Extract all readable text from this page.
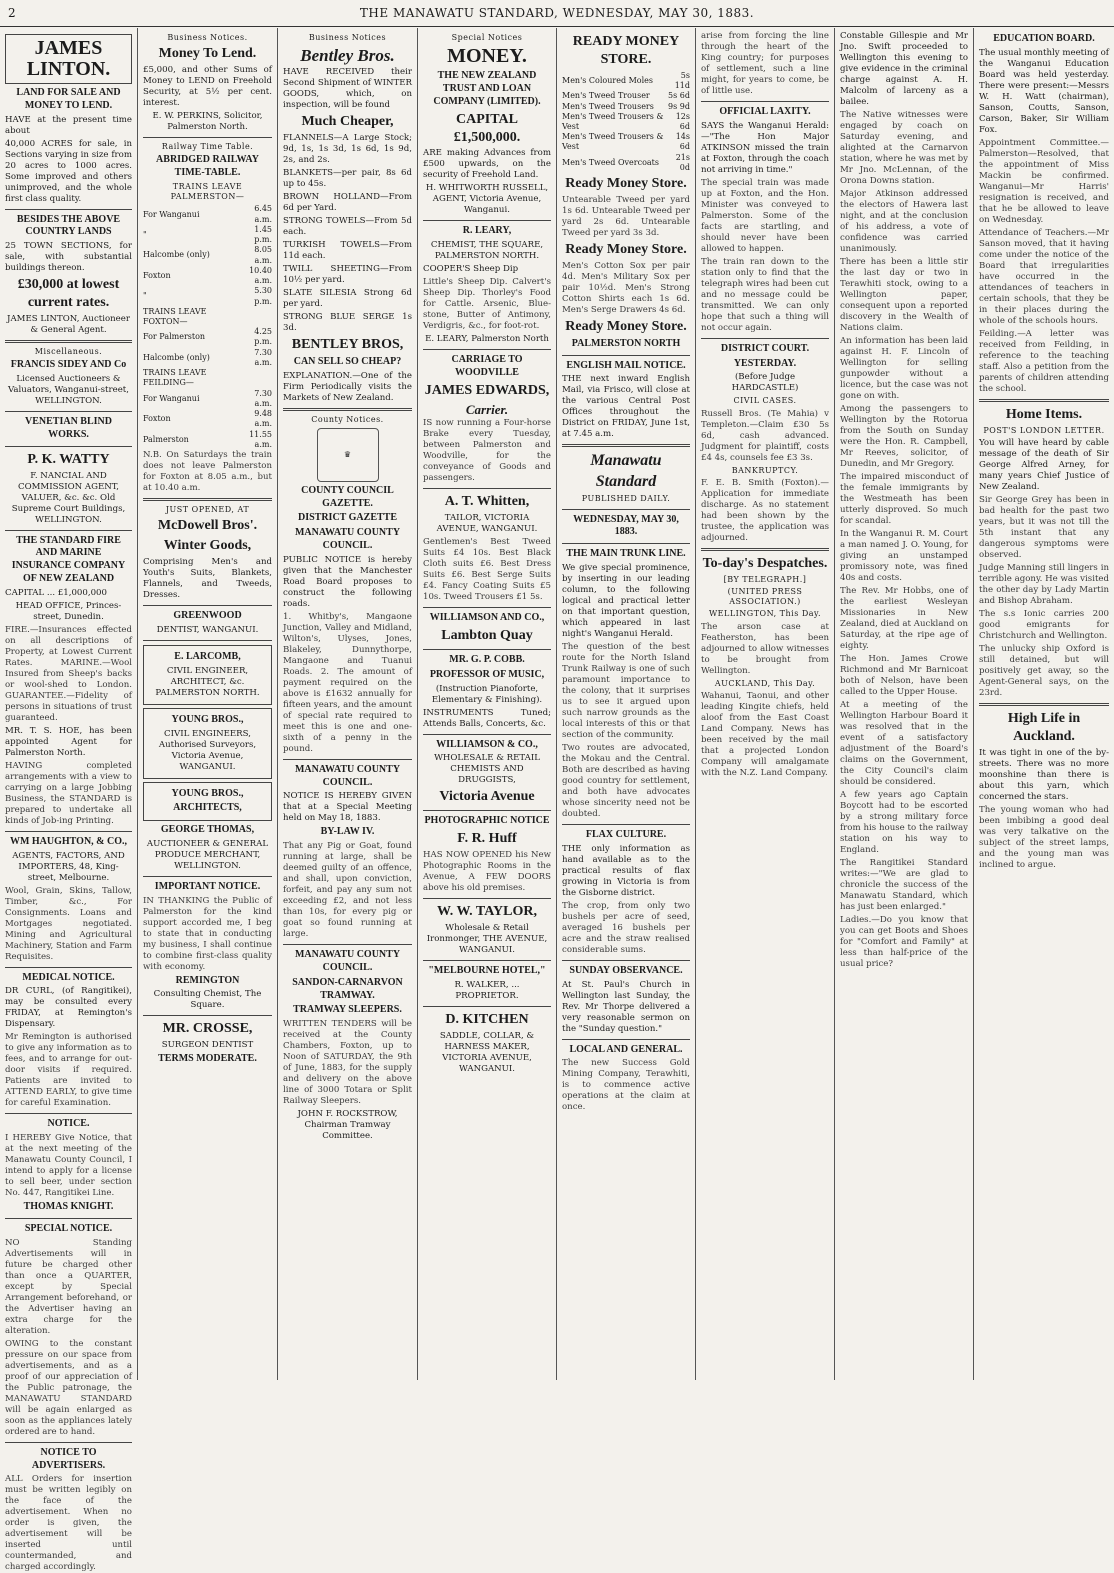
2	THE MANAWATU STANDARD, WEDNESDAY, MAY 30, 1883.
JAMES LINTON.
LAND FOR SALE AND MONEY TO LEND.

HAVE at the present time about

40,000 ACRES for sale, in Sections varying in size from 20 acres to 1000 acres. Some improved and others unimproved, and the whole first class quality.

BESIDES THE ABOVE COUNTRY LANDS

25 TOWN SECTIONS, for sale, with substantial buildings thereon.

£30,000 at lowest current rates.

JAMES LINTON, Auctioneer & General Agent.

Miscellaneous.
FRANCIS SIDEY AND Co

Licensed Auctioneers & Valuators, Wanganui-street, WELLINGTON.

VENETIAN BLIND WORKS.
P. K. WATTY

F. NANCIAL AND COMMISSION AGENT, VALUER, &c. &c. Old Supreme Court Buildings, WELLINGTON.

THE STANDARD FIRE AND MARINE INSURANCE COMPANY OF NEW ZEALAND

CAPITAL ... £1,000,000

HEAD OFFICE, Princes-street, Dunedin.

FIRE.—Insurances effected on all descriptions of Property, at Lowest Current Rates. MARINE.—Wool Insured from Sheep's backs or wool-shed to London. GUARANTEE.—Fidelity of persons in situations of trust guaranteed.

MR. T. S. HOE, has been appointed Agent for Palmerston North.

HAVING completed arrangements with a view to carrying on a large Jobbing Business, the STANDARD is prepared to undertake all kinds of Job-ing Printing.

WM HAUGHTON, & CO.,

AGENTS, FACTORS, AND IMPORTERS, 48, King-street, Melbourne.

Wool, Grain, Skins, Tallow, Timber, &c., For Consignments. Loans and Mortgages negotiated. Mining and Agricultural Machinery, Station and Farm Requisites.

MEDICAL NOTICE.

DR CURL, (of Rangitikei), may be consulted every FRIDAY, at Remington's Dispensary.

Mr Remington is authorised to give any information as to fees, and to arrange for out-door visits if required. Patients are invited to ATTEND EARLY, to give time for careful Examination.

NOTICE.

I HEREBY Give Notice, that at the next meeting of the Manawatu County Council, I intend to apply for a license to sell beer, under section No. 447, Rangitikei Line.

THOMAS KNIGHT.
SPECIAL NOTICE.

NO Standing Advertisements will in future be charged other than once a QUARTER, except by Special Arrangement beforehand, or the Advertiser having an extra charge for the alteration.

OWING to the constant pressure on our space from advertisements, and as a proof of our appreciation of the Public patronage, the MANAWATU STANDARD will be again enlarged as soon as the appliances lately ordered are to hand.

NOTICE TO ADVERTISERS.

ALL Orders for insertion must be written legibly on the face of the advertisement. When no order is given, the advertisement will be inserted until countermanded, and charged accordingly.

Business Notices.
Money To Lend.

£5,000, and other Sums of Money to LEND on Freehold Security, at 5½ per cent. interest.

E. W. PERKINS, Solicitor, Palmerston North.

Railway Time Table.
ABRIDGED RAILWAY TIME-TABLE.
TRAINS LEAVE PALMERSTON—
For Wanganui	6.45 a.m.
"	1.45 p.m.
Halcombe (only)	8.05 a.m.
Foxton	10.40 a.m.
"	5.30 p.m.
TRAINS LEAVE FOXTON—	
For Palmerston	4.25 p.m.
Halcombe (only)	7.30 a.m.
TRAINS LEAVE FEILDING—	
For Wanganui	7.30 a.m.
Foxton	9.48 a.m.
Palmerston	11.55 a.m.

N.B. On Saturdays the train does not leave Palmerston for Foxton at 8.05 a.m., but at 10.40 a.m.

JUST OPENED, AT
McDowell Bros'.
Winter Goods,

Comprising Men's and Youth's Suits, Blankets, Flannels, and Tweeds, Dresses.

GREENWOOD

DENTIST, WANGANUI.

E. LARCOMB,

CIVIL ENGINEER, ARCHITECT, &c. PALMERSTON NORTH.

YOUNG BROS.,

CIVIL ENGINEERS, Authorised Surveyors, Victoria Avenue, WANGANUI.

YOUNG BROS.,
ARCHITECTS,
GEORGE THOMAS,

AUCTIONEER & GENERAL PRODUCE MERCHANT, WELLINGTON.

IMPORTANT NOTICE.

IN THANKING the Public of Palmerston for the kind support accorded me, I beg to state that in conducting my business, I shall continue to combine first-class quality with economy.

REMINGTON

Consulting Chemist, The Square.

MR. CROSSE,

SURGEON DENTIST

TERMS MODERATE.
Business Notices
Bentley Bros.

HAVE RECEIVED their Second Shipment of WINTER GOODS, which, on inspection, will be found

Much Cheaper,

FLANNELS—A Large Stock; 9d, 1s, 1s 3d, 1s 6d, 1s 9d, 2s, and 2s.

BLANKETS—per pair, 8s 6d up to 45s.

BROWN HOLLAND—From 6d per Yard.

STRONG TOWELS—From 5d each.

TURKISH TOWELS—From 11d each.

TWILL SHEETING—From 10½ per yard.

SLATE SILESIA Strong 6d per yard.

STRONG BLUE SERGE 1s 3d.

BENTLEY BROS,
CAN SELL SO CHEAP?

EXPLANATION.—One of the Firm Periodically visits the Markets of New Zealand.

County Notices.
♛
COUNTY COUNCIL GAZETTE.
DISTRICT GAZETTE
MANAWATU COUNTY COUNCIL.

PUBLIC NOTICE is hereby given that the Manchester Road Board proposes to construct the following roads.

1. Whitby's, Mangaone Junction, Valley and Midland, Wilton's, Ulyses, Jones, Blakeley, Dunnythorpe, Mangaone and Tuanui Roads. 2. The amount of payment required on the above is £1632 annually for fifteen years, and the amount of special rate required to meet this is one and one-sixth of a penny in the pound.

MANAWATU COUNTY COUNCIL.

NOTICE IS HEREBY GIVEN that at a Special Meeting held on May 18, 1883.

BY-LAW IV.

That any Pig or Goat, found running at large, shall be deemed guilty of an offence, and shall, upon conviction, forfeit, and pay any sum not exceeding £2, and not less than 10s, for every pig or goat so found running at large.

MANAWATU COUNTY COUNCIL.
SANDON-CARNARVON TRAMWAY.
TRAMWAY SLEEPERS.

WRITTEN TENDERS will be received at the County Chambers, Foxton, up to Noon of SATURDAY, the 9th of June, 1883, for the supply and delivery on the above line of 3000 Totara or Split Railway Sleepers.

JOHN F. ROCKSTROW, Chairman Tramway Committee.

Special Notices
MONEY.
THE NEW ZEALAND TRUST AND LOAN COMPANY (LIMITED).
CAPITAL £1,500,000.

ARE making Advances from £500 upwards, on the security of Freehold Land.

H. WHITWORTH RUSSELL, AGENT, Victoria Avenue, Wanganui.

R. LEARY,

CHEMIST, THE SQUARE, PALMERSTON NORTH.

COOPER'S Sheep Dip

Little's Sheep Dip. Calvert's Sheep Dip. Thorley's Food for Cattle. Arsenic, Blue-stone, Butter of Antimony, Verdigris, &c., for foot-rot.

E. LEARY, Palmerston North

CARRIAGE TO WOODVILLE
JAMES EDWARDS,
Carrier.

IS now running a Four-horse Brake every Tuesday, between Palmerston and Woodville, for the conveyance of Goods and passengers.

A. T. Whitten,

TAILOR, VICTORIA AVENUE, WANGANUI.

Gentlemen's Best Tweed Suits £4 10s. Best Black Cloth suits £6. Best Dress Suits £6. Best Serge Suits £4. Fancy Coating Suits £5 10s. Tweed Trousers £1 5s.

WILLIAMSON AND CO.,
Lambton Quay
MR. G. P. COBB.
PROFESSOR OF MUSIC,

(Instruction Pianoforte, Elementary & Finishing).

INSTRUMENTS Tuned; Attends Balls, Concerts, &c.

WILLIAMSON & CO.,

WHOLESALE & RETAIL CHEMISTS AND DRUGGISTS,

Victoria Avenue
PHOTOGRAPHIC NOTICE
F. R. Huff

HAS NOW OPENED his New Photographic Rooms in the Avenue, A FEW DOORS above his old premises.

W. W. TAYLOR,

Wholesale & Retail Ironmonger, THE AVENUE, WANGANUI.

"MELBOURNE HOTEL,"

R. WALKER, ... PROPRIETOR.

D. KITCHEN

SADDLE, COLLAR, & HARNESS MAKER, VICTORIA AVENUE, WANGANUI.

READY MONEY STORE.
Men's Coloured Moles	5s 11d
Men's Tweed Trouser	5s 6d
Men's Tweed Trousers	9s 9d
Men's Tweed Trousers & Vest	12s 6d
Men's Tweed Trousers & Vest	14s 6d
Men's Tweed Overcoats	21s 0d
Ready Money Store.

Untearable Tweed per yard 1s 6d. Untearable Tweed per yard 2s 6d. Untearable Tweed per yard 3s 3d.

Ready Money Store.

Men's Cotton Sox per pair 4d. Men's Military Sox per pair 10½d. Men's Strong Cotton Shirts each 1s 6d. Men's Serge Drawers 4s 6d.

Ready Money Store.
PALMERSTON NORTH
ENGLISH MAIL NOTICE.

THE next inward English Mail, via Frisco, will close at the various Central Post Offices throughout the District on FRIDAY, June 1st, at 7.45 a.m.

Manawatu Standard
PUBLISHED DAILY.
WEDNESDAY, MAY 30, 1883.
THE MAIN TRUNK LINE.

We give special prominence, by inserting in our leading column, to the following logical and practical letter on that important question, which appeared in last night's Wanganui Herald.

The question of the best route for the North Island Trunk Railway is one of such paramount importance to the colony, that it surprises us to see it argued upon such narrow grounds as the local interests of this or that section of the community.

Two routes are advocated, the Mokau and the Central. Both are described as having good country for settlement, and both have advocates whose sincerity need not be doubted.

FLAX CULTURE.

THE only information as hand available as to the practical results of flax growing in Victoria is from the Gisborne district.

The crop, from only two bushels per acre of seed, averaged 16 bushels per acre and the straw realised considerable sums.

SUNDAY OBSERVANCE.

At St. Paul's Church in Wellington last Sunday, the Rev. Mr Thorpe delivered a very reasonable sermon on the "Sunday question."

LOCAL AND GENERAL.

The new Success Gold Mining Company, Terawhiti, is to commence active operations at the claim at once.

arise from forcing the line through the heart of the King country; for purposes of settlement, such a line might, for years to come, be of little use.

OFFICIAL LAXITY.

SAYS the Wanganui Herald:—"The Hon Major ATKINSON missed the train at Foxton, through the coach not arriving in time."

The special train was made up at Foxton, and the Hon. Minister was conveyed to Palmerston. Some of the facts are startling, and should never have been allowed to happen.

The train ran down to the station only to find that the telegraph wires had been cut and no message could be transmitted. We can only hope that such a thing will not occur again.

DISTRICT COURT.
YESTERDAY.

(Before Judge HARDCASTLE)

CIVIL CASES.

Russell Bros. (Te Mahia) v Templeton.—Claim £30 5s 6d, cash advanced. Judgment for plaintiff, costs £4 4s, counsels fee £3 3s.

BANKRUPTCY.

F. E. B. Smith (Foxton).—Application for immediate discharge. As no statement had been shown by the trustee, the application was adjourned.

To-day's Despatches.
[BY TELEGRAPH.]
(UNITED PRESS ASSOCIATION.)
WELLINGTON, This Day.

The arson case at Featherston, has been adjourned to allow witnesses to be brought from Wellington.

AUCKLAND, This Day.

Wahanui, Taonui, and other leading Kingite chiefs, held aloof from the East Coast Land Company. News has been received by the mail that a projected London Company will amalgamate with the N.Z. Land Company.

Constable Gillespie and Mr Jno. Swift proceeded to Wellington this evening to give evidence in the criminal charge against A. H. Malcolm of larceny as a bailee.

The Native witnesses were engaged by coach on Saturday evening, and alighted at the Carnarvon station, where he was met by Mr Jno. McLennan, of the Orona Downs station.

Major Atkinson addressed the electors of Hawera last night, and at the conclusion of his address, a vote of confidence was carried unanimously.

There has been a little stir the last day or two in Terawhiti stock, owing to a Wellington paper, consequent upon a reported discovery in the Wealth of Nations claim.

An information has been laid against H. F. Lincoln of Wellington for selling gunpowder without a licence, but the case was not gone on with.

Among the passengers to Wellington by the Rotorua from the South on Sunday were the Hon. R. Campbell, Mr Reeves, solicitor, of Dunedin, and Mr Gregory.

The impaired misconduct of the female immigrants by the Westmeath has been utterly disproved. So much for scandal.

In the Wanganui R. M. Court a man named J. O. Young, for giving an unstamped promissory note, was fined 40s and costs.

The Rev. Mr Hobbs, one of the earliest Wesleyan Missionaries in New Zealand, died at Auckland on Saturday, at the ripe age of eighty.

The Hon. James Crowe Richmond and Mr Barnicoat both of Nelson, have been called to the Upper House.

At a meeting of the Wellington Harbour Board it was resolved that in the event of a satisfactory adjustment of the Board's claims on the Government, the City Council's claim should be considered.

A few years ago Captain Boycott had to be escorted by a strong military force from his house to the railway station on his way to England.

The Rangitikei Standard writes:—"We are glad to chronicle the success of the Manawatu Standard, which has just been enlarged."

Ladies.—Do you know that you can get Boots and Shoes for "Comfort and Family" at less than half-price of the usual price?

EDUCATION BOARD.

The usual monthly meeting of the Wanganui Education Board was held yesterday. There were present:—Messrs W. H. Watt (chairman), Sanson, Coutts, Sanson, Carson, Baker, Sir William Fox.

Appointment Committee.—Palmerston—Resolved, that the appointment of Miss Mackin be confirmed. Wanganui—Mr Harris' resignation is received, and that he be allowed to leave on Wednesday.

Attendance of Teachers.—Mr Sanson moved, that it having come under the notice of the Board that irregularities have occurred in the attendances of teachers in certain schools, that they be in their places during the whole of the schools hours.

Feilding.—A letter was received from Feilding, in reference to the teaching staff. Also a petition from the parents of children attending the school.

Home Items.
POST'S LONDON LETTER.

You will have heard by cable message of the death of Sir George Alfred Arney, for many years Chief Justice of New Zealand.

Sir George Grey has been in bad health for the past two years, but it was not till the 5th instant that any dangerous symptoms were observed.

Judge Manning still lingers in terrible agony. He was visited the other day by Lady Martin and Bishop Abraham.

The s.s Ionic carries 200 good emigrants for Christchurch and Wellington.

The unlucky ship Oxford is still detained, but will positively get away, so the Agent-General says, on the 23rd.

High Life in Auckland.

It was tight in one of the by-streets. There was no more moonshine than there is about this yarn, which concerned the stars.

The young woman who had been imbibing a good deal was very talkative on the subject of the street lamps, and the young man was inclined to argue.
